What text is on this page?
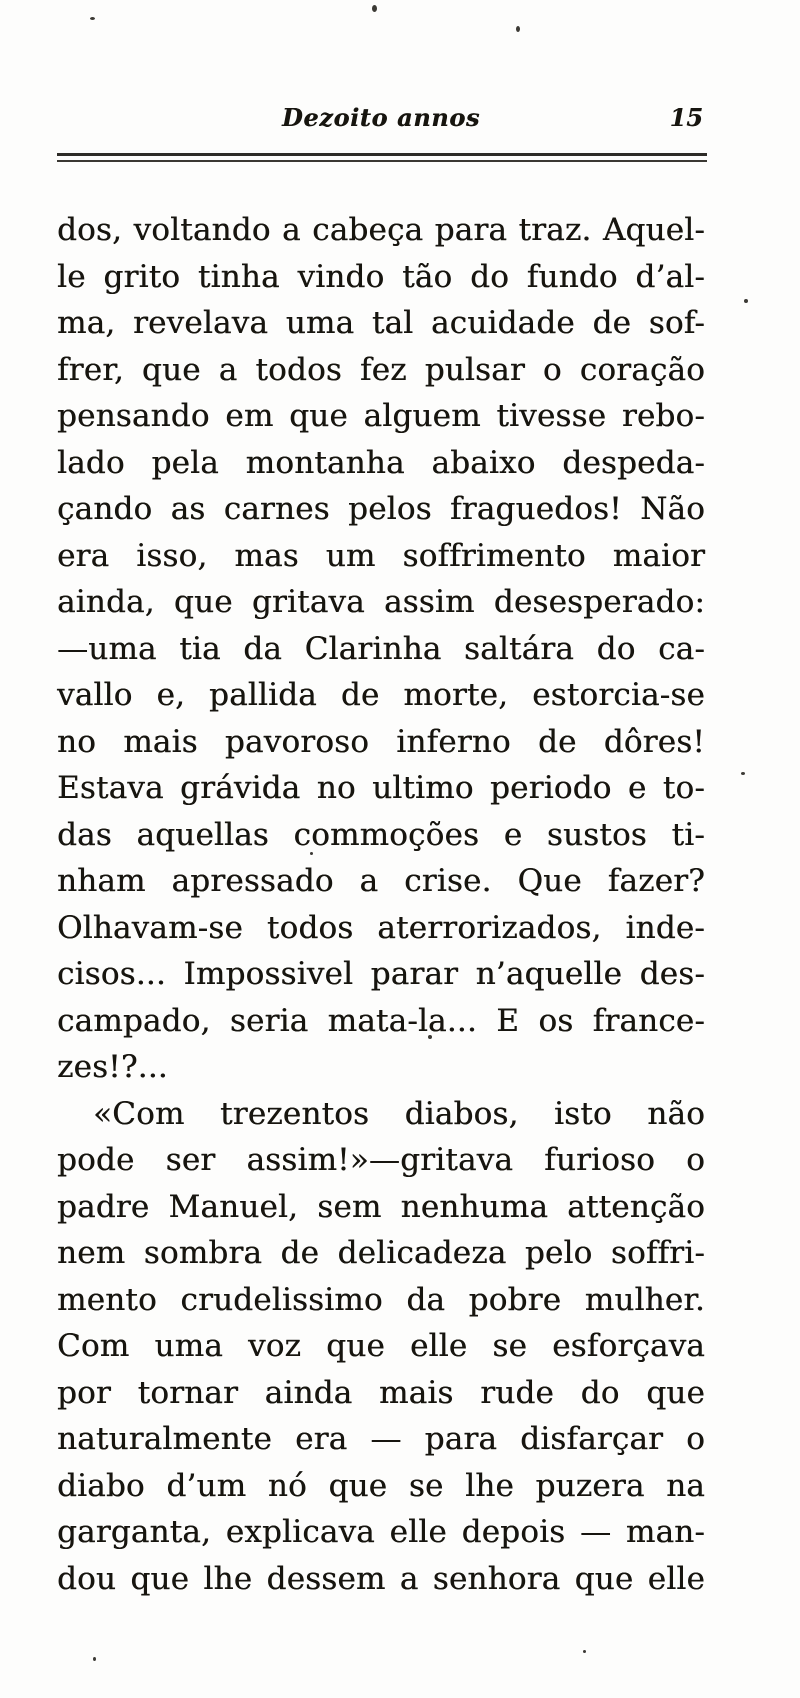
Dezoito annos	15
dos, voltando a cabeça para traz. Aquel-
le grito tinha vindo tão do fundo d’al-
ma, revelava uma tal acuidade de sof-
frer, que a todos fez pulsar o coração
pensando em que alguem tivesse rebo-
lado pela montanha abaixo despeda-
çando as carnes pelos fraguedos! Não
era isso, mas um soffrimento maior
ainda, que gritava assim desesperado:
—uma tia da Clarinha saltára do ca-
vallo e, pallida de morte, estorcia-se
no mais pavoroso inferno de dôres!
Estava grávida no ultimo periodo e to-
das aquellas commoções e sustos ti-
nham apressado a crise. Que fazer?
Olhavam-se todos aterrorizados, inde-
cisos... Impossivel parar n’aquelle des-
campado, seria mata-la... E os france-
zes!?...
«Com trezentos diabos, isto não
pode ser assim!»—gritava furioso o
padre Manuel, sem nenhuma attenção
nem sombra de delicadeza pelo soffri-
mento crudelissimo da pobre mulher.
Com uma voz que elle se esforçava
por tornar ainda mais rude do que
naturalmente era — para disfarçar o
diabo d’um nó que se lhe puzera na
garganta, explicava elle depois — man-
dou que lhe dessem a senhora que elle
